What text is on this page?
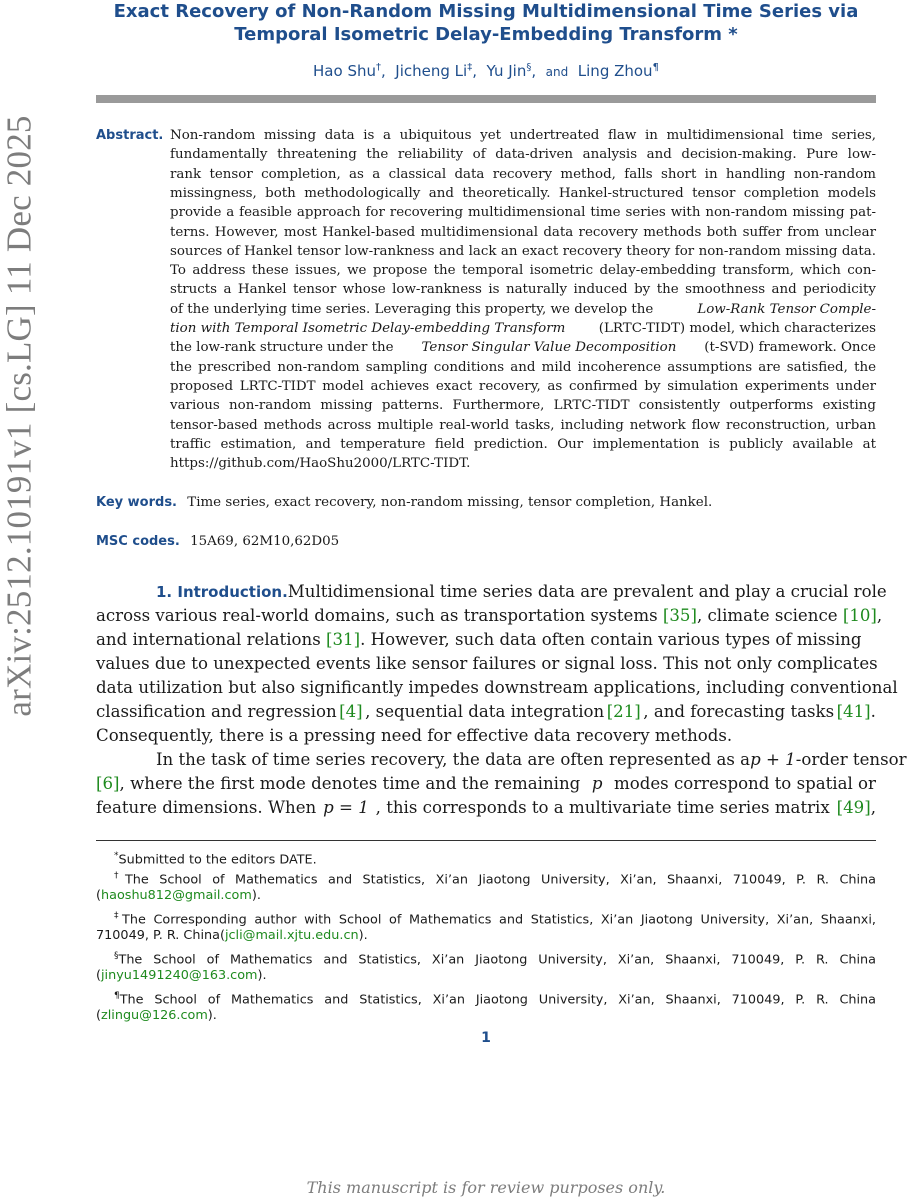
arXiv:2512.10191v1 [cs.LG] 11 Dec 2025
Exact Recovery of Non-Random Missing Multidimensional Time Series via
Temporal Isometric Delay-Embedding Transform *
Hao Shu†,  Jicheng Li‡,  Yu Jin§,  and Ling Zhou¶
Abstract. Non-random missing data is a ubiquitous yet undertreated flaw in multidimensional time series,
fundamentally threatening the reliability of data-driven analysis and decision-making. Pure low-
rank tensor completion, as a classical data recovery method, falls short in handling non-random
missingness, both methodologically and theoretically. Hankel-structured tensor completion models
provide a feasible approach for recovering multidimensional time series with non-random missing pat-
terns. However, most Hankel-based multidimensional data recovery methods both suffer from unclear
sources of Hankel tensor low-rankness and lack an exact recovery theory for non-random missing data.
To address these issues, we propose the temporal isometric delay-embedding transform, which con-
structs a Hankel tensor whose low-rankness is naturally induced by the smoothness and periodicity
of the underlying time series. Leveraging this property, we develop the	Low-Rank Tensor Comple-
tion with Temporal Isometric Delay-embedding Transform	(LRTC-TIDT) model, which characterizes
the low-rank structure under the Tensor Singular Value Decomposition (t-SVD) framework. Once
the prescribed non-random sampling conditions and mild incoherence assumptions are satisfied, the
proposed LRTC-TIDT model achieves exact recovery, as confirmed by simulation experiments under
various non-random missing patterns. Furthermore, LRTC-TIDT consistently outperforms existing
tensor-based methods across multiple real-world tasks, including network flow reconstruction, urban
traffic estimation, and temperature field prediction. Our implementation is publicly available at
https://github.com/HaoShu2000/LRTC-TIDT.
Key words. Time series, exact recovery, non-random missing, tensor completion, Hankel.
MSC codes. 15A69, 62M10,62D05
1. Introduction. Multidimensional time series data are prevalent and play a crucial role
across various real-world domains, such as transportation systems [35], climate science [10],
and international relations [31]. However, such data often contain various types of missing
values due to unexpected events like sensor failures or signal loss. This not only complicates
data utilization but also significantly impedes downstream applications, including conventional
classification and regression [4] , sequential data integration [21] , and forecasting tasks [41].
Consequently, there is a pressing need for effective data recovery methods.
In the task of time series recovery, the data are often represented as a p + 1-order tensor
[6], where the first mode denotes time and the remaining p modes correspond to spatial or
feature dimensions. When p = 1 , this corresponds to a multivariate time series matrix [49],
*Submitted to the editors DATE.
†The School of Mathematics and Statistics, Xi’an Jiaotong University, Xi’an, Shaanxi, 710049, P. R. China
(haoshu812@gmail.com).
‡The Corresponding author with School of Mathematics and Statistics, Xi’an Jiaotong University, Xi’an, Shaanxi,
710049, P. R. China(jcli@mail.xjtu.edu.cn).
§The School of Mathematics and Statistics, Xi’an Jiaotong University, Xi’an, Shaanxi, 710049, P. R. China
(jinyu1491240@163.com).
¶The School of Mathematics and Statistics, Xi’an Jiaotong University, Xi’an, Shaanxi, 710049, P. R. China
(zlingu@126.com).
1
This manuscript is for review purposes only.
